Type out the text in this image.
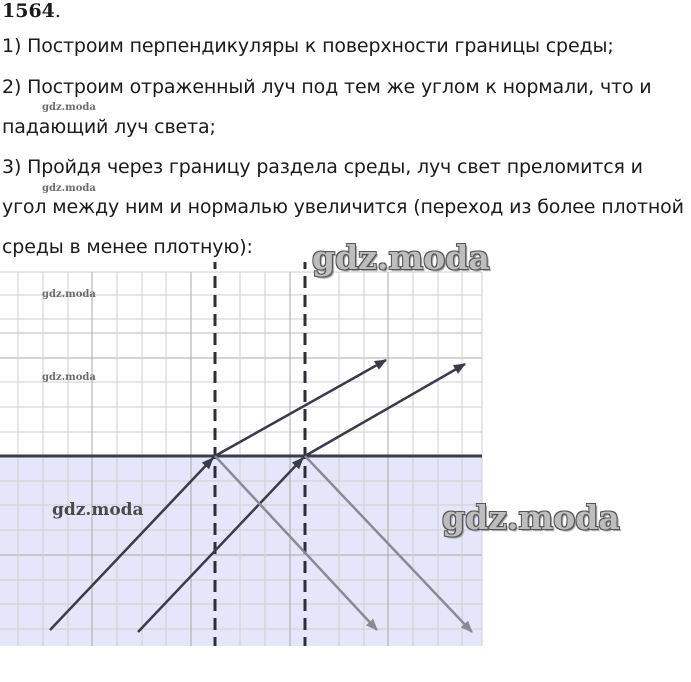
1564.
1) Построим перпендикуляры к поверхности границы среды;
2) Построим отраженный луч под тем же углом к нормали, что и
падающий луч света;
3) Пройдя через границу раздела среды, луч свет преломится и
угол между ним и нормалью увеличится (переход из более плотной
среды в менее плотную):
gdz.moda
gdz.moda
gdz.moda
gdz.moda
gdz.moda
gdz.moda
gdz.moda
